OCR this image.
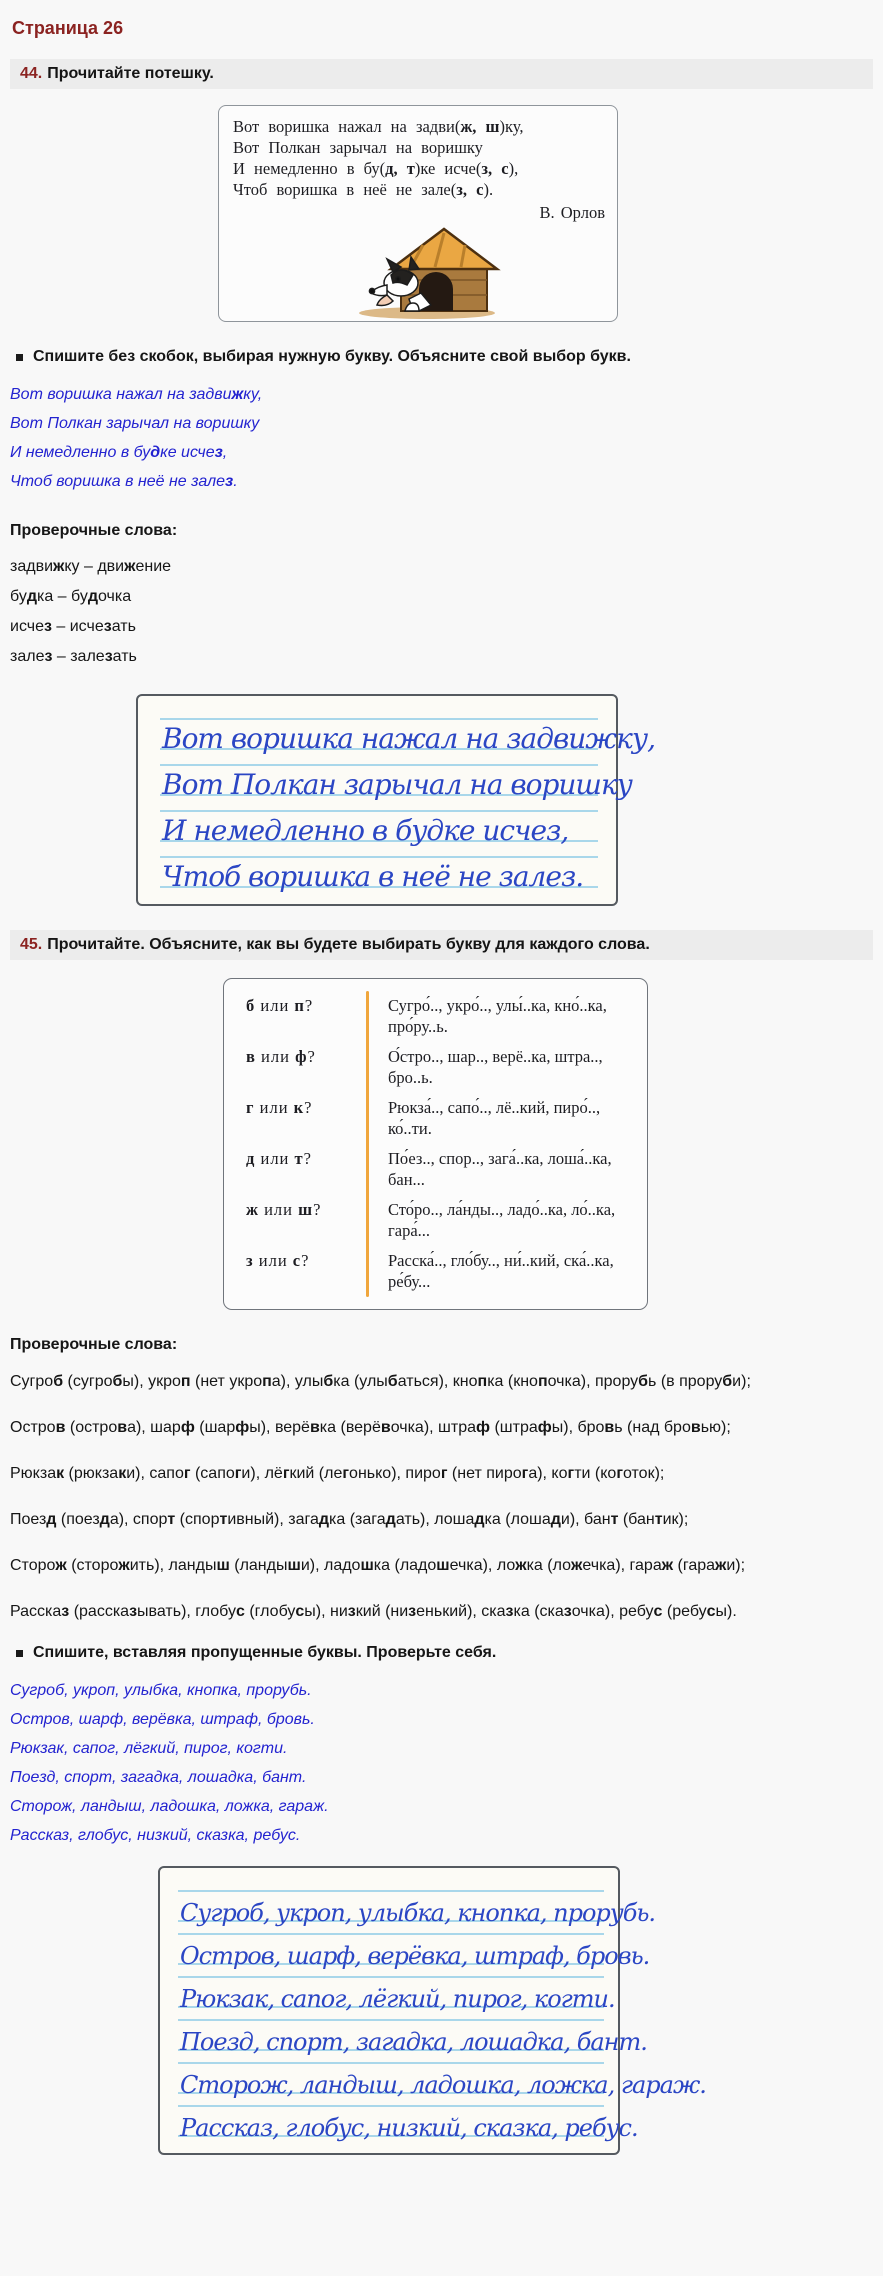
Страница 26
44. Прочитайте потешку.
Вот воришка нажал на задви(ж, ш)ку,
Вот Полкан зарычал на воришку
И немедленно в бу(д, т)ке исче(з, с),
Чтоб воришка в неё не зале(з, с).
В. Орлов
Спишите без скобок, выбирая нужную букву. Объясните свой выбор букв.
Вот воришка нажал на задвижку,
Вот Полкан зарычал на воришку
И немедленно в будке исчез,
Чтоб воришка в неё не залез.
Проверочные слова:
задвижку – движение
будка – будочка
исчез – исчезать
залез – залезать
Вот воришка нажал на задвижку,
Вот Полкан зарычал на воришку
И немедленно в будке исчез,
Чтоб воришка в неё не залез.
45. Прочитайте. Объясните, как вы будете выбирать букву для каждого слова.
б или п?	Сугро́.., укро́.., улы́..ка, кно́..ка, про́ру..ь.
в или ф?	О́стро.., шар.., верё..ка, штра.., бро..ь.
г или к?	Рюкза́.., сапо́.., лё..кий, пиро́.., ко́..ти.
д или т?	По́ез.., спор.., зага́..ка, лоша́..ка, бан...
ж или ш?	Сто́ро.., ла́нды.., ладо́..ка, ло́..ка, гара́...
з или с?	Расска́.., гло́бу.., ни́..кий, ска́..ка, ре́бу...
Проверочные слова:

Сугроб (сугробы), укроп (нет укропа), улыбка (улыбаться), кнопка (кнопочка), прорубь (в проруби);

Остров (острова), шарф (шарфы), верёвка (верёвочка), штраф (штрафы), бровь (над бровью);

Рюкзак (рюкзаки), сапог (сапоги), лёгкий (легонько), пирог (нет пирога), когти (коготок);

Поезд (поезда), спорт (спортивный), загадка (загадать), лошадка (лошади), бант (бантик);

Сторож (сторожить), ландыш (ландыши), ладошка (ладошечка), ложка (ложечка), гараж (гаражи);

Рассказ (рассказывать), глобус (глобусы), низкий (низенький), сказка (сказочка), ребус (ребусы).

Спишите, вставляя пропущенные буквы. Проверьте себя.
Сугроб, укроп, улыбка, кнопка, прорубь.
Остров, шарф, верёвка, штраф, бровь.
Рюкзак, сапог, лёгкий, пирог, когти.
Поезд, спорт, загадка, лошадка, бант.
Сторож, ландыш, ладошка, ложка, гараж.
Рассказ, глобус, низкий, сказка, ребус.
Сугроб, укроп, улыбка, кнопка, прорубь.
Остров, шарф, верёвка, штраф, бровь.
Рюкзак, сапог, лёгкий, пирог, когти.
Поезд, спорт, загадка, лошадка, бант.
Сторож, ландыш, ладошка, ложка, гараж.
Рассказ, глобус, низкий, сказка, ребус.
